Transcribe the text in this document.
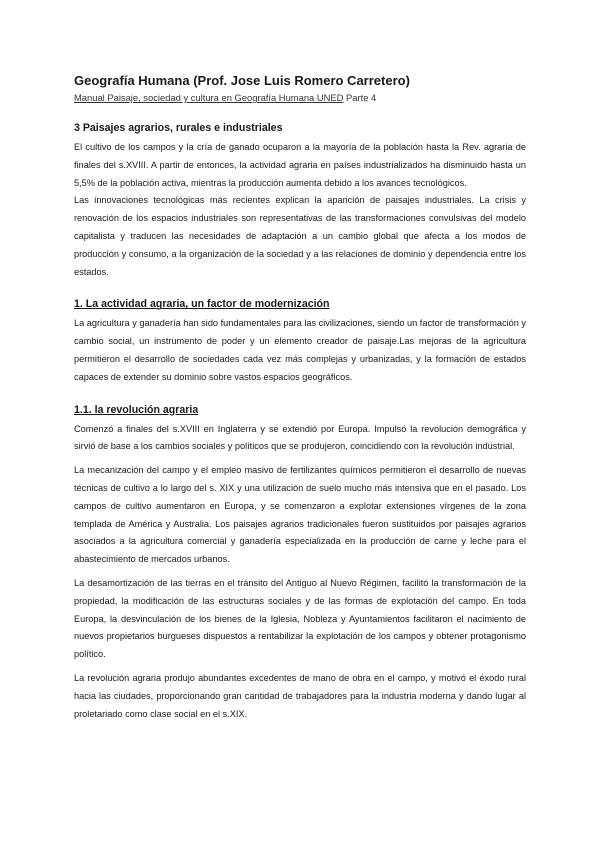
Geografía Humana (Prof. Jose Luis Romero Carretero)
Manual Paisaje, sociedad y cultura en Geografía Humana UNED Parte 4
3 Paisajes agrarios, rurales e industriales

El cultivo de los campos y la cría de ganado ocuparon a la mayoría de la población hasta la Rev. agraria de finales del s.XVIII. A partir de entonces, la actividad agraria en países industrializados ha disminuido hasta un 5,5% de la población activa, mientras la producción aumenta debido a los avances tecnológicos.

Las innovaciones tecnológicas más recientes explican la aparición de paisajes industriales. La crisis y renovación de los espacios industriales son representativas de las transformaciones convulsivas del modelo capitalista y traducen las necesidades de adaptación a un cambio global que afecta a los modos de producción y consumo, a la organización de la sociedad y a las relaciones de dominio y dependencia entre los estados.

1. La actividad agraria, un factor de modernización

La agricultura y ganadería han sido fundamentales para las civilizaciones, siendo un factor de transformación y cambio social, un instrumento de poder y un elemento creador de paisaje.Las mejoras de la agricultura permitieron el desarrollo de sociedades cada vez más complejas y urbanizadas, y la formación de estados capaces de extender su dominio sobre vastos espacios geográficos.

1.1. la revolución agraria

Comenzó a finales del s.XVIII en Inglaterra y se extendió por Europa. Impulsó la revolución demográfica y sirvió de base a los cambios sociales y políticos que se produjeron, coincidiendo con la revolución industrial.

La mecanización del campo y el empleo masivo de fertilizantes químicos permitieron el desarrollo de nuevas técnicas de cultivo a lo largo del s. XIX y una utilización de suelo mucho más intensiva que en el pasado. Los campos de cultivo aumentaron en Europa, y se comenzaron a explotar extensiones vírgenes de la zona templada de América y Australia. Los paisajes agrarios tradicionales fueron sustituidos por paisajes agrarios asociados a la agricultura comercial y ganadería especializada en la producción de carne y leche para el abastecimiento de mercados urbanos.

La desamortización de las tierras en el tránsito del Antiguo al Nuevo Régimen, facilitó la transformación de la propiedad, la modificación de las estructuras sociales y de las formas de explotación del campo. En toda Europa, la desvinculación de los bienes de la Iglesia, Nobleza y Ayuntamientos facilitaron el nacimiento de nuevos propietarios burgueses dispuestos a rentabilizar la explotación de los campos y obtener protagonismo político.

La revolución agraria produjo abundantes excedentes de mano de obra en el campo, y motivó el éxodo rural hacia las ciudades, proporcionando gran cantidad de trabajadores para la industria moderna y dando lugar al proletariado como clase social en el s.XIX.
